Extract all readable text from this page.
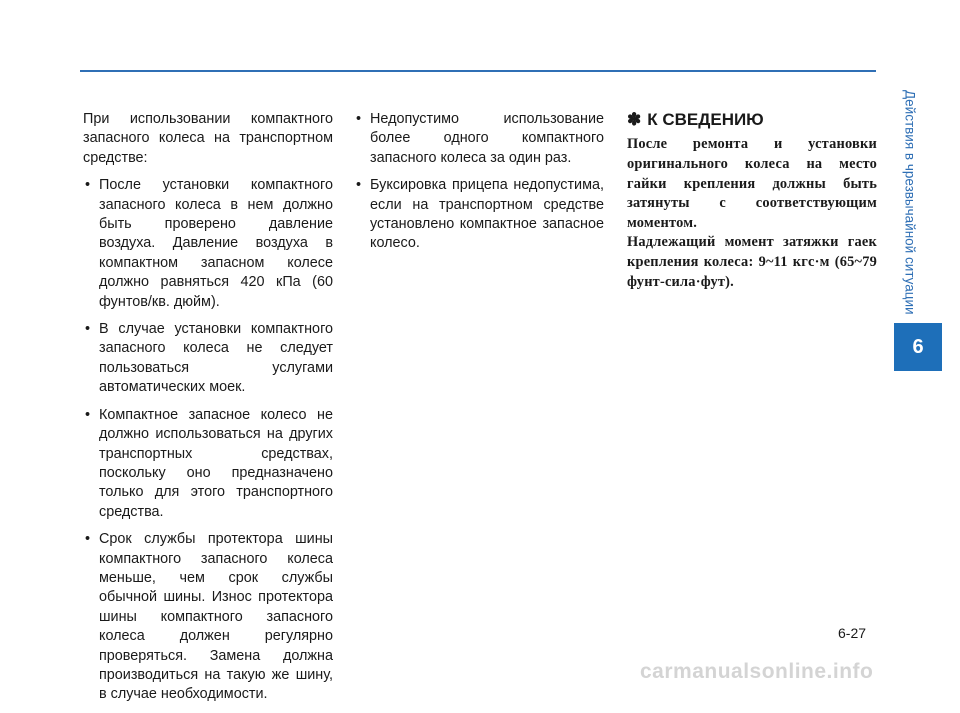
При использовании компактного запасного колеса на транспортном средстве:

• После установки компактного запасного колеса в нем должно быть проверено давление воздуха. Давление воздуха в компактном запасном колесе должно равняться 420 кПа (60 фунтов/кв. дюйм).
• В случае установки компактного запасного колеса не следует пользоваться услугами автоматических моек.
• Компактное запасное колесо не должно использоваться на других транспортных средствах, поскольку оно предназначено только для этого транспортного средства.
• Срок службы протектора шины компактного запасного колеса меньше, чем срок службы обычной шины. Износ протектора шины компактного запасного колеса должен регулярно проверяться. Замена должна производиться на такую же шину, в случае необходимости.
• Недопустимо использование более одного компактного запасного колеса за один раз.
• Буксировка прицепа недопустима, если на транспортном средстве установлено компактное запасное колесо.
✽ К СВЕДЕНИЮ

После ремонта и установки оригинального колеса на место гайки крепления должны быть затянуты с соответствующим моментом.

Надлежащий момент затяжки гаек крепления колеса: 9~11 кгс·м (65~79 фунт-сила·фут).	Действия в чрезвычайной ситуации
6
6-27
carmanualsonline.info
